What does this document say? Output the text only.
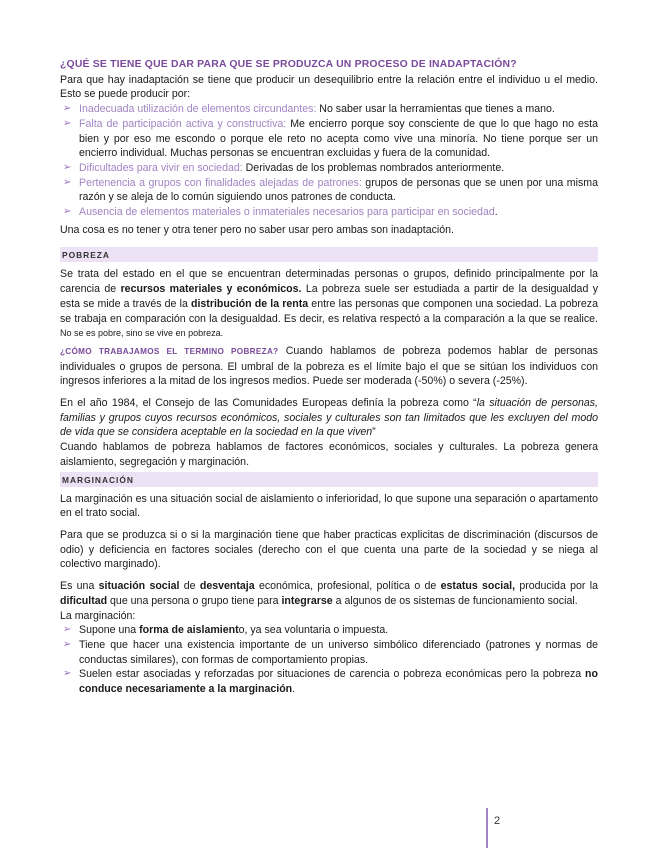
¿QUÉ SE TIENE QUE DAR PARA QUE SE PRODUZCA UN PROCESO DE INADAPTACIÓN?

Para que hay inadaptación se tiene que producir un desequilibrio entre la relación entre el individuo u el medio. Esto se puede producir por:

➢ Inadecuada utilización de elementos circundantes: No saber usar la herramientas que tienes a mano.
➢ Falta de participación activa y constructiva: Me encierro porque soy consciente de que lo que hago no esta bien y por eso me escondo o porque ele reto no acepta como vive una minoría. No tiene porque ser un encierro individual. Muchas personas se encuentran excluidas y fuera de la comunidad.
➢ Dificultades para vivir en sociedad: Derivadas de los problemas nombrados anteriormente.
➢ Pertenencia a grupos con finalidades alejadas de patrones: grupos de personas que se unen por una misma razón y se aleja de lo común siguiendo unos patrones de conducta.
➢ Ausencia de elementos materiales o inmateriales necesarios para participar en sociedad.

Una cosa es no tener y otra tener pero no saber usar pero ambas son inadaptación.

POBREZA

Se trata del estado en el que se encuentran determinadas personas o grupos, definido principalmente por la carencia de recursos materiales y económicos. La pobreza suele ser estudiada a partir de la desigualdad y esta se mide a través de la distribución de la renta entre las personas que componen una sociedad. La pobreza se trabaja en comparación con la desigualdad. Es decir, es relativa respectó a la comparación a la que se realice. No se es pobre, sino se vive en pobreza.

¿CÓMO TRABAJAMOS EL TERMINO POBREZA? Cuando hablamos de pobreza podemos hablar de personas individuales o grupos de persona. El umbral de la pobreza es el límite bajo el que se sitúan los individuos con ingresos inferiores a la mitad de los ingresos medios. Puede ser moderada (-50%) o severa (-25%).

En el año 1984, el Consejo de las Comunidades Europeas definía la pobreza como “la situación de personas, familias y grupos cuyos recursos económicos, sociales y culturales son tan limitados que les excluyen del modo de vida que se considera aceptable en la sociedad en la que viven”

Cuando hablamos de pobreza hablamos de factores económicos, sociales y culturales. La pobreza genera aislamiento, segregación y marginación.

MARGINACIÓN

La marginación es una situación social de aislamiento o inferioridad, lo que supone una separación o apartamento en el trato social.

Para que se produzca si o si la marginación tiene que haber practicas explicitas de discriminación (discursos de odio) y deficiencia en factores sociales (derecho con el que cuenta una parte de la sociedad y se niega al colectivo marginado).

Es una situación social de desventaja económica, profesional, política o de estatus social, producida por la dificultad que una persona o grupo tiene para integrarse a algunos de os sistemas de funcionamiento social.

La marginación:

➢ Supone una forma de aislamiento, ya sea voluntaria o impuesta.
➢ Tiene que hacer una existencia importante de un universo simbólico diferenciado (patrones y normas de conductas similares), con formas de comportamiento propias.
➢ Suelen estar asociadas y reforzadas por situaciones de carencia o pobreza económicas pero la pobreza no conduce necesariamente a la marginación.
2
